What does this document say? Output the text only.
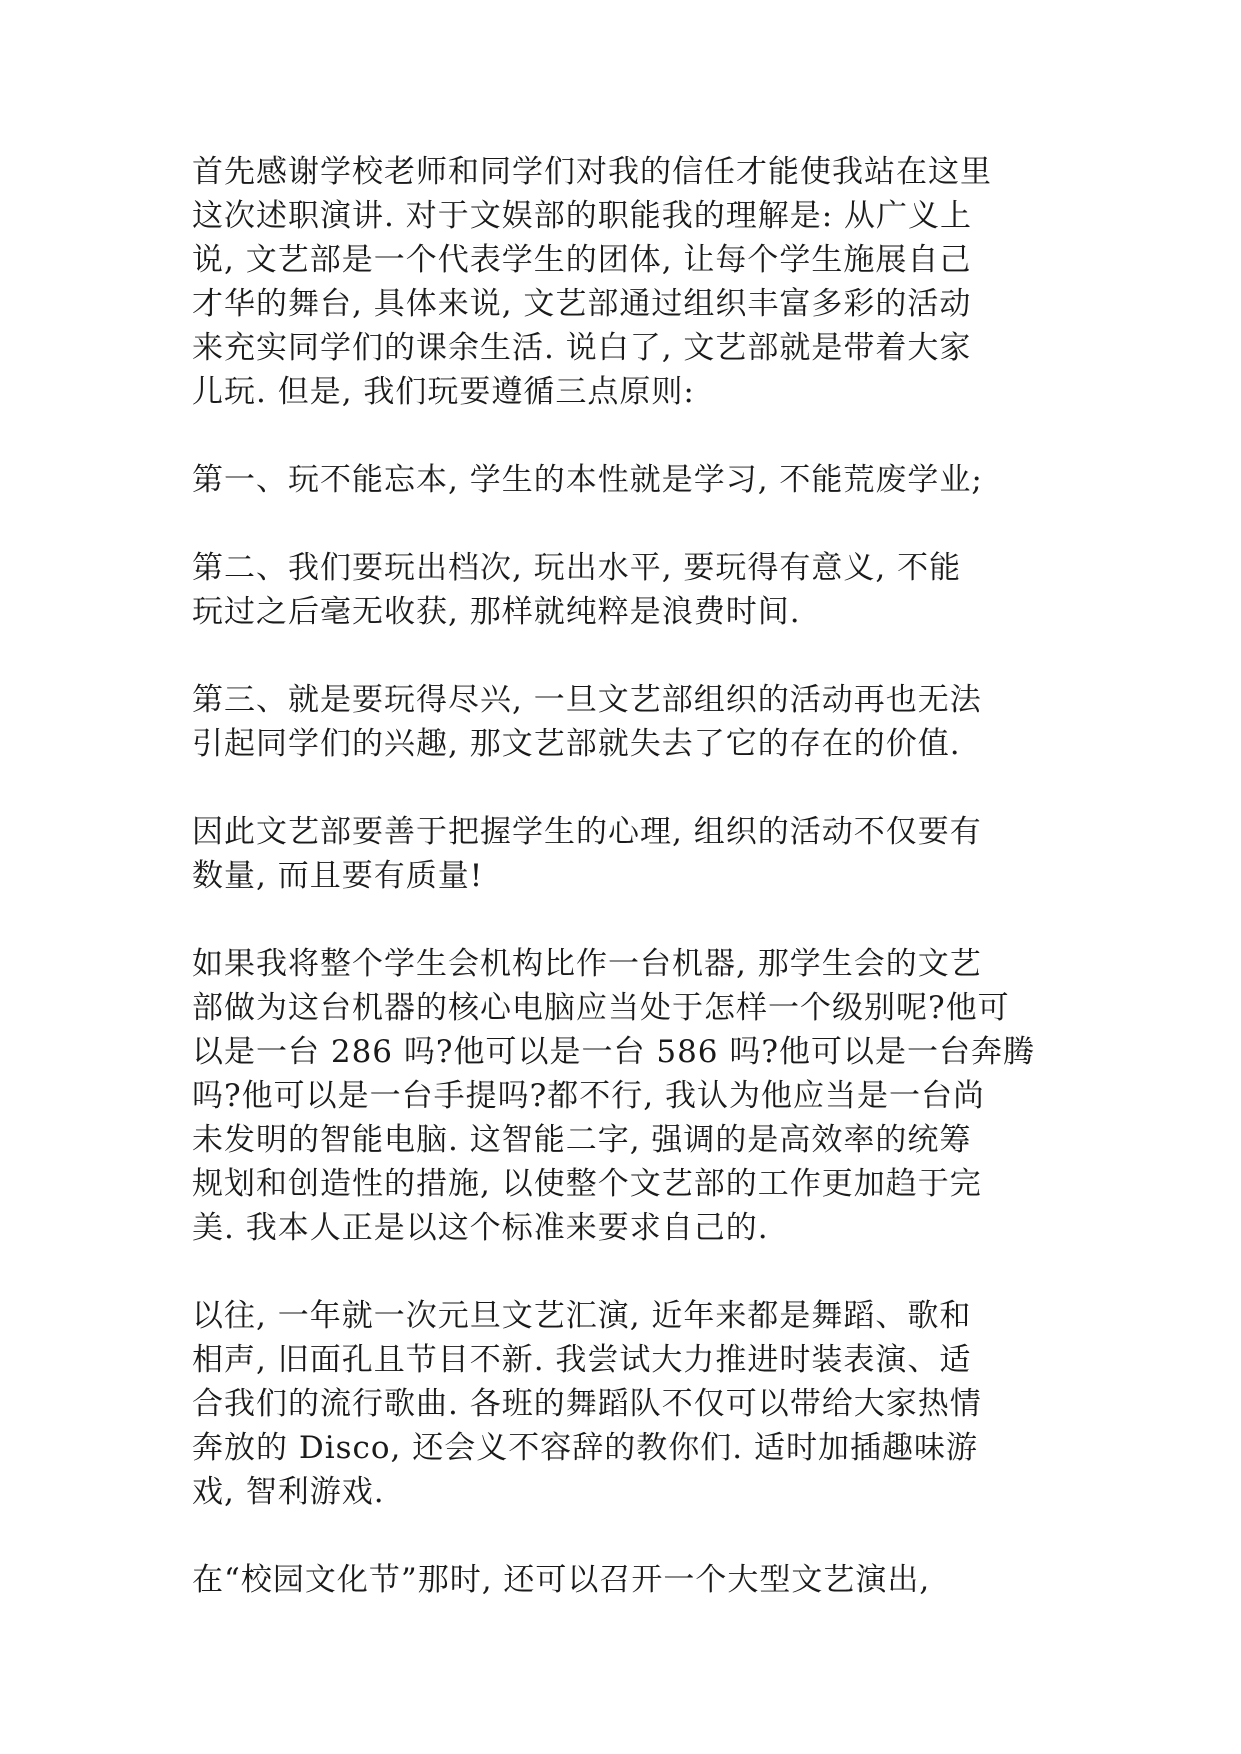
首先感谢学校老师和同学们对我的信任才能使我站在这里
这次述职演讲. 对于文娱部的职能我的理解是: 从广义上
说, 文艺部是一个代表学生的团体, 让每个学生施展自己
才华的舞台, 具体来说, 文艺部通过组织丰富多彩的活动
来充实同学们的课余生活. 说白了, 文艺部就是带着大家
儿玩. 但是, 我们玩要遵循三点原则:

第一、玩不能忘本, 学生的本性就是学习, 不能荒废学业;

第二、我们要玩出档次, 玩出水平, 要玩得有意义, 不能
玩过之后毫无收获, 那样就纯粹是浪费时间.

第三、就是要玩得尽兴, 一旦文艺部组织的活动再也无法
引起同学们的兴趣, 那文艺部就失去了它的存在的价值.

因此文艺部要善于把握学生的心理, 组织的活动不仅要有
数量, 而且要有质量!

如果我将整个学生会机构比作一台机器, 那学生会的文艺
部做为这台机器的核心电脑应当处于怎样一个级别呢?他可
以是一台 286 吗?他可以是一台 586 吗?他可以是一台奔腾
吗?他可以是一台手提吗?都不行, 我认为他应当是一台尚
未发明的智能电脑. 这智能二字, 强调的是高效率的统筹
规划和创造性的措施, 以使整个文艺部的工作更加趋于完
美. 我本人正是以这个标准来要求自己的.

以往, 一年就一次元旦文艺汇演, 近年来都是舞蹈、歌和
相声, 旧面孔且节目不新. 我尝试大力推进时装表演、适
合我们的流行歌曲. 各班的舞蹈队不仅可以带给大家热情
奔放的 Disco, 还会义不容辞的教你们. 适时加插趣味游
戏, 智利游戏.

在“校园文化节”那时, 还可以召开一个大型文艺演出,
